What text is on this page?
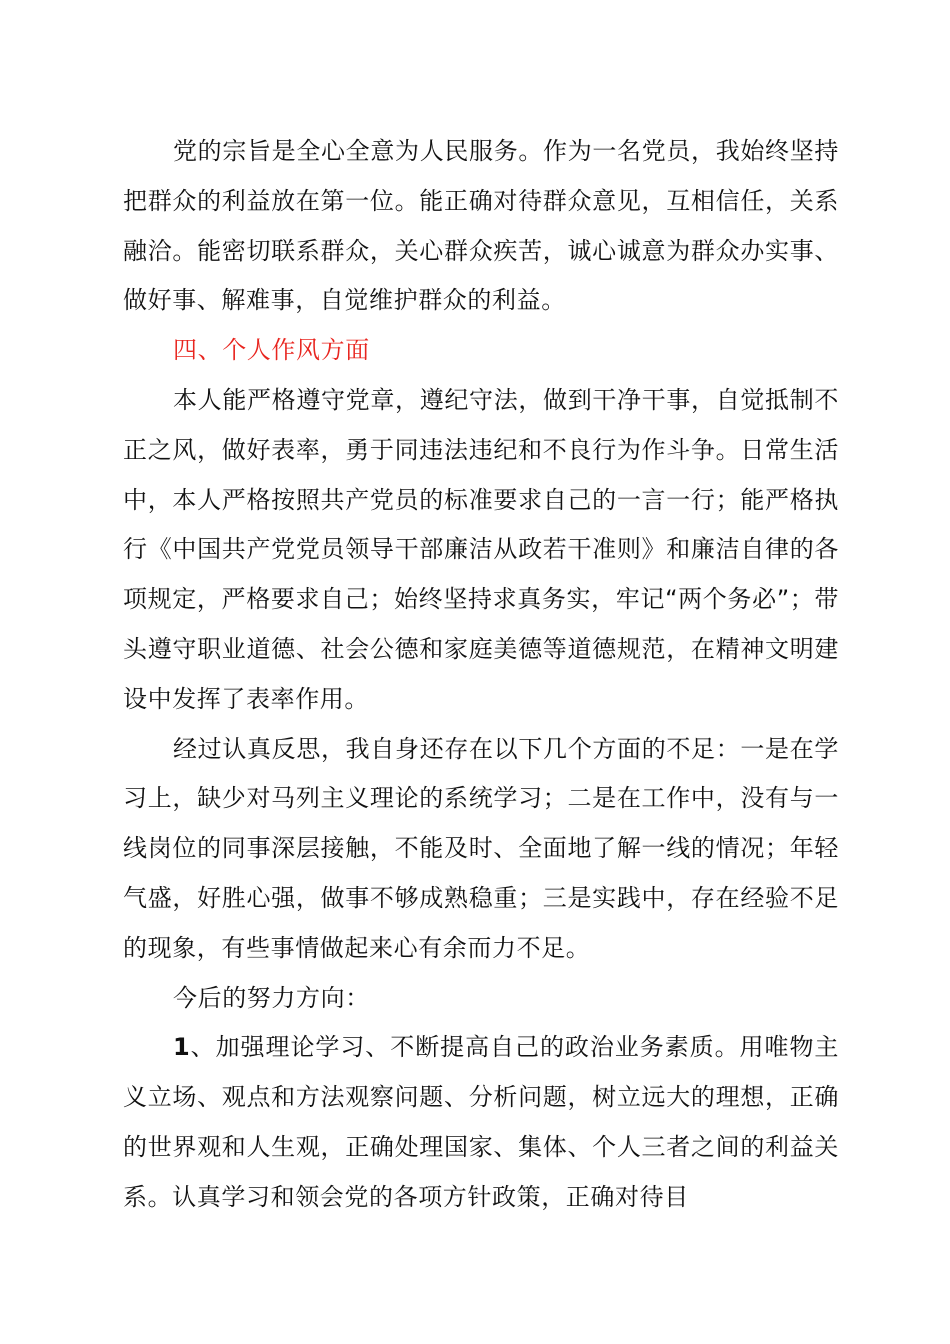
党的宗旨是全心全意为人民服务。作为一名党员，我始终坚持把群众的利益放在第一位。能正确对待群众意见，互相信任，关系融洽。能密切联系群众，关心群众疾苦，诚心诚意为群众办实事、做好事、解难事，自觉维护群众的利益。

四、个人作风方面

本人能严格遵守党章，遵纪守法，做到干净干事，自觉抵制不正之风，做好表率，勇于同违法违纪和不良行为作斗争。日常生活中，本人严格按照共产党员的标准要求自己的一言一行；能严格执行《中国共产党党员领导干部廉洁从政若干准则》和廉洁自律的各项规定，严格要求自己；始终坚持求真务实，牢记“两个务必”；带头遵守职业道德、社会公德和家庭美德等道德规范，在精神文明建设中发挥了表率作用。

经过认真反思，我自身还存在以下几个方面的不足：一是在学习上，缺少对马列主义理论的系统学习；二是在工作中，没有与一线岗位的同事深层接触，不能及时、全面地了解一线的情况；年轻气盛，好胜心强，做事不够成熟稳重；三是实践中，存在经验不足的现象，有些事情做起来心有余而力不足。

今后的努力方向：

1、加强理论学习、不断提高自己的政治业务素质。用唯物主义立场、观点和方法观察问题、分析问题，树立远大的理想，正确的世界观和人生观，正确处理国家、集体、个人三者之间的利益关系。认真学习和领会党的各项方针政策，正确对待目
